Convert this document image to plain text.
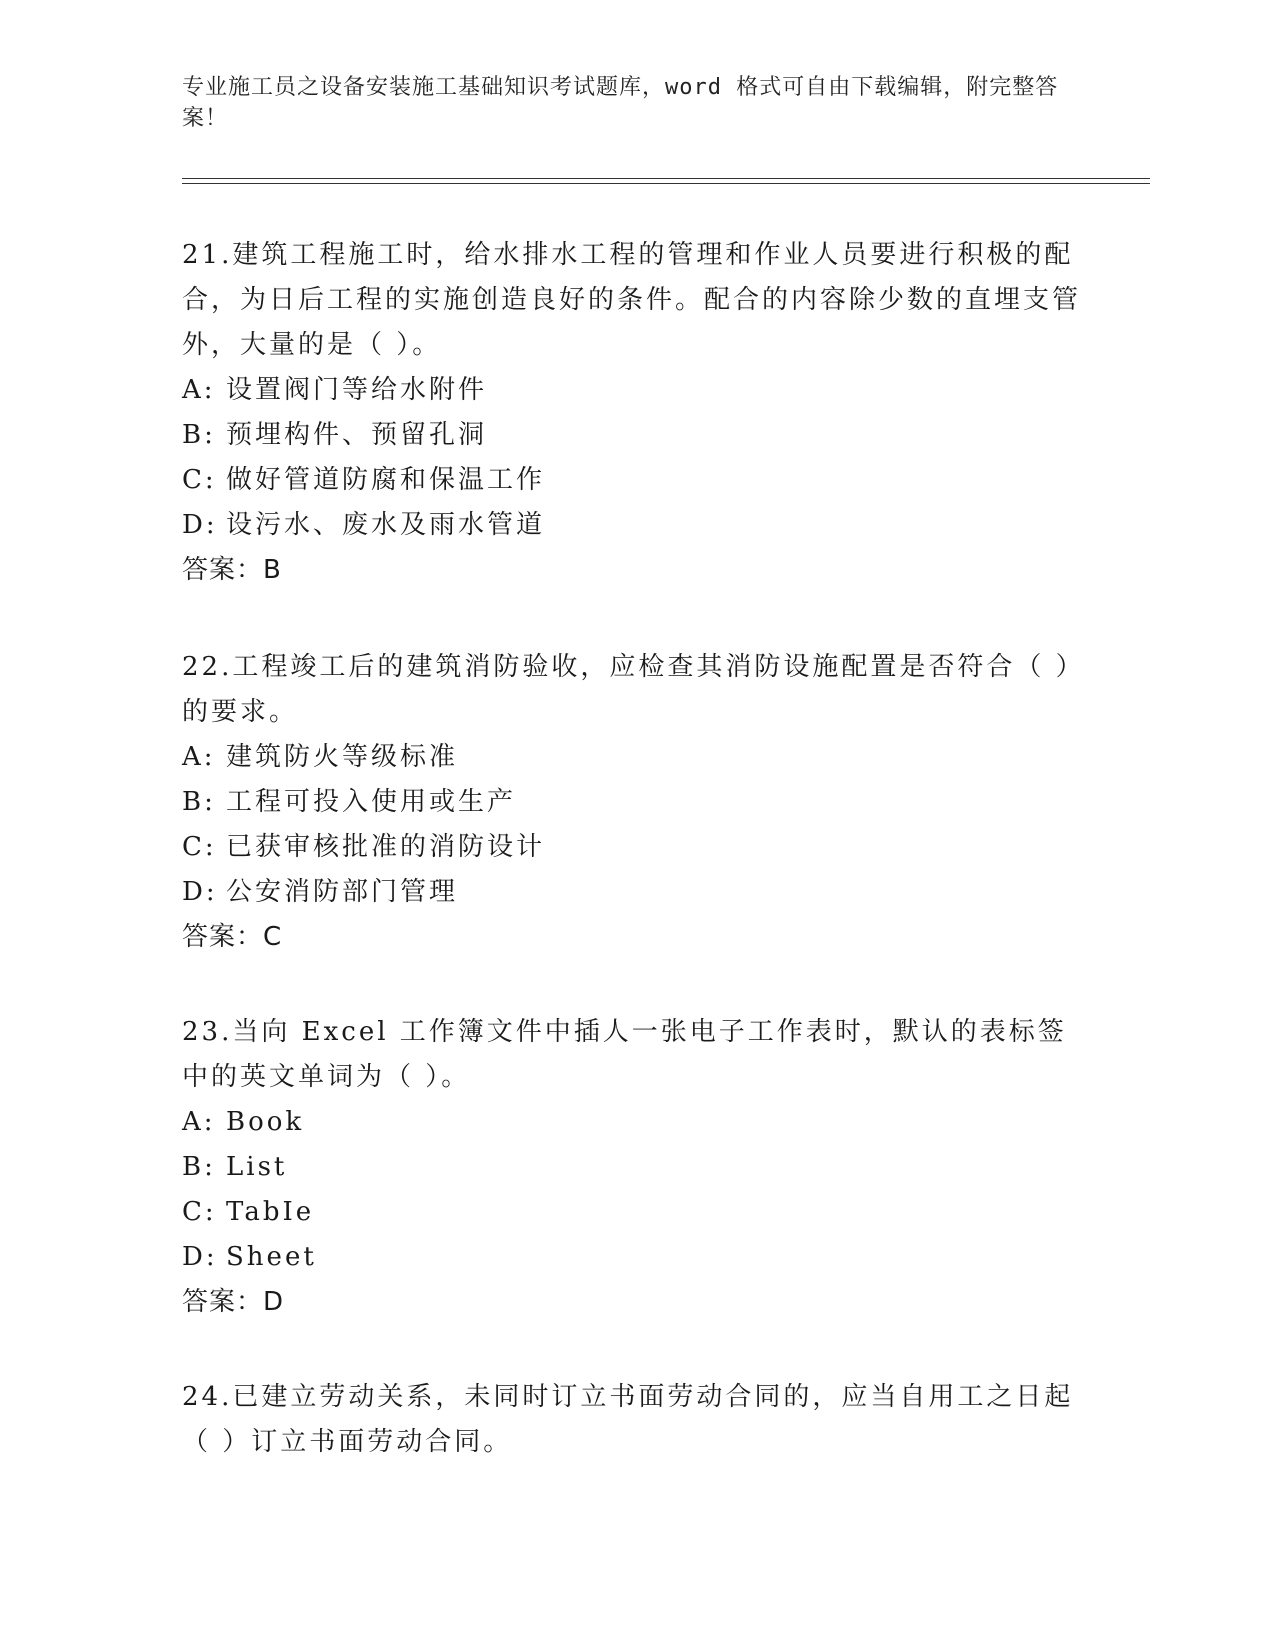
专业施工员之设备安装施工基础知识考试题库，word 格式可自由下载编辑，附完整答案！

21.建筑工程施工时，给水排水工程的管理和作业人员要进行积极的配合，为日后工程的实施创造良好的条件。配合的内容除少数的直埋支管外，大量的是（ ）。

A: 设置阀门等给水附件

B: 预埋构件、预留孔洞

C: 做好管道防腐和保温工作

D: 设污水、废水及雨水管道

答案：B

22.工程竣工后的建筑消防验收，应检查其消防设施配置是否符合（ ）的要求。

A: 建筑防火等级标准

B: 工程可投入使用或生产

C: 已获审核批准的消防设计

D: 公安消防部门管理

答案：C

23.当向 Excel 工作簿文件中插人一张电子工作表时，默认的表标签中的英文单词为（ ）。

A: Book

B: List

C: TabIe

D: Sheet

答案：D

24.已建立劳动关系，未同时订立书面劳动合同的，应当自用工之日起（ ）订立书面劳动合同。
